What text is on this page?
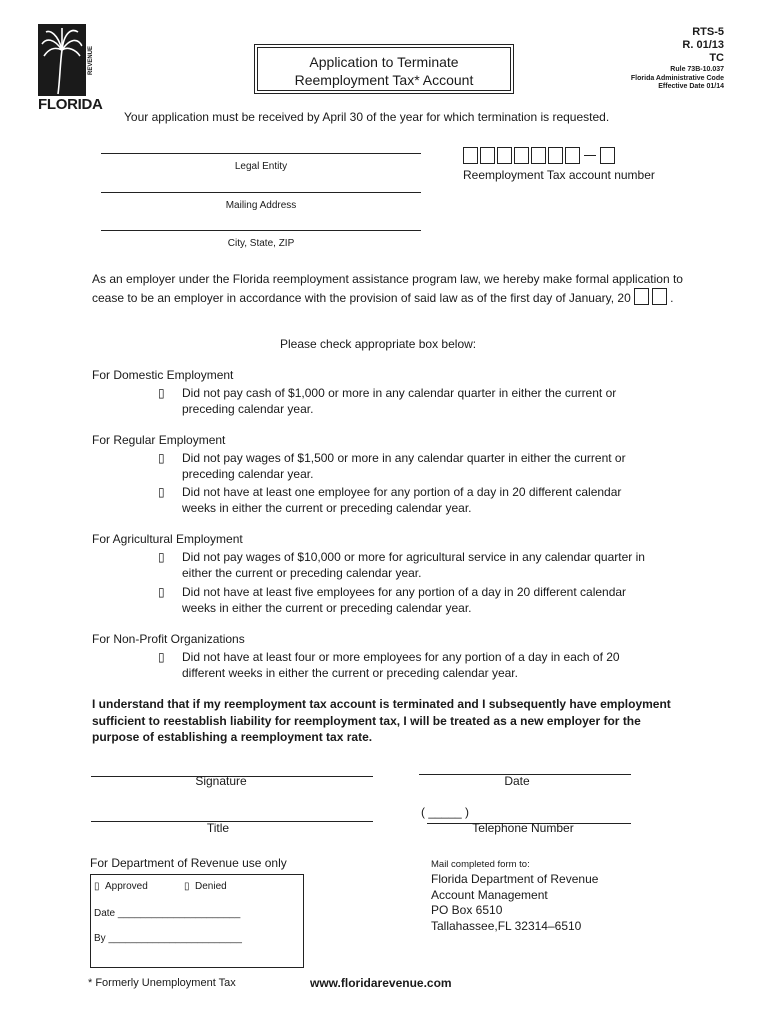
DEPARTMENT OF REVENUE
FLORIDA
Application to Terminate
Reemployment Tax* Account
RTS-5
R. 01/13
TC
Rule 73B-10.037
Florida Administrative Code
Effective Date 01/14
Your application must be received by April 30 of the year for which termination is requested.
Legal Entity
Mailing Address
City, State, ZIP
Reemployment Tax account number
As an employer under the Florida reemployment assistance program law, we hereby make formal application to cease to be an employer in accordance with the provision of said law as of the first day of January, 20	.
Please check appropriate box below:
For Domestic Employment
▯ Did not pay cash of $1,000 or more in any calendar quarter in either the current or
preceding calendar year.
For Regular Employment
▯ Did not pay wages of $1,500 or more in any calendar quarter in either the current or
preceding calendar year.
▯ Did not have at least one employee for any portion of a day in 20 different calendar
weeks in either the current or preceding calendar year.
For Agricultural Employment
▯ Did not pay wages of $10,000 or more for agricultural service in any calendar quarter in
either the current or preceding calendar year.
▯ Did not have at least five employees for any portion of a day in 20 different calendar
weeks in either the current or preceding calendar year.
For Non-Profit Organizations
▯ Did not have at least four or more employees for any portion of a day in each of 20
different weeks in either the current or preceding calendar year.
I understand that if my reemployment tax account is terminated and I subsequently have employment sufficient to reestablish liability for reemployment tax, I will be treated as a new employer for the purpose of establishing a reemployment tax rate.
Signature	Date
Title
( _____ )
Telephone Number
For Department of Revenue use only
▯ Approved	▯ Denied
Date ______________________
By ________________________
Mail completed form to:
Florida Department of Revenue
Account Management
PO Box 6510
Tallahassee,FL 32314–6510
* Formerly Unemployment Tax	www.floridarevenue.com
